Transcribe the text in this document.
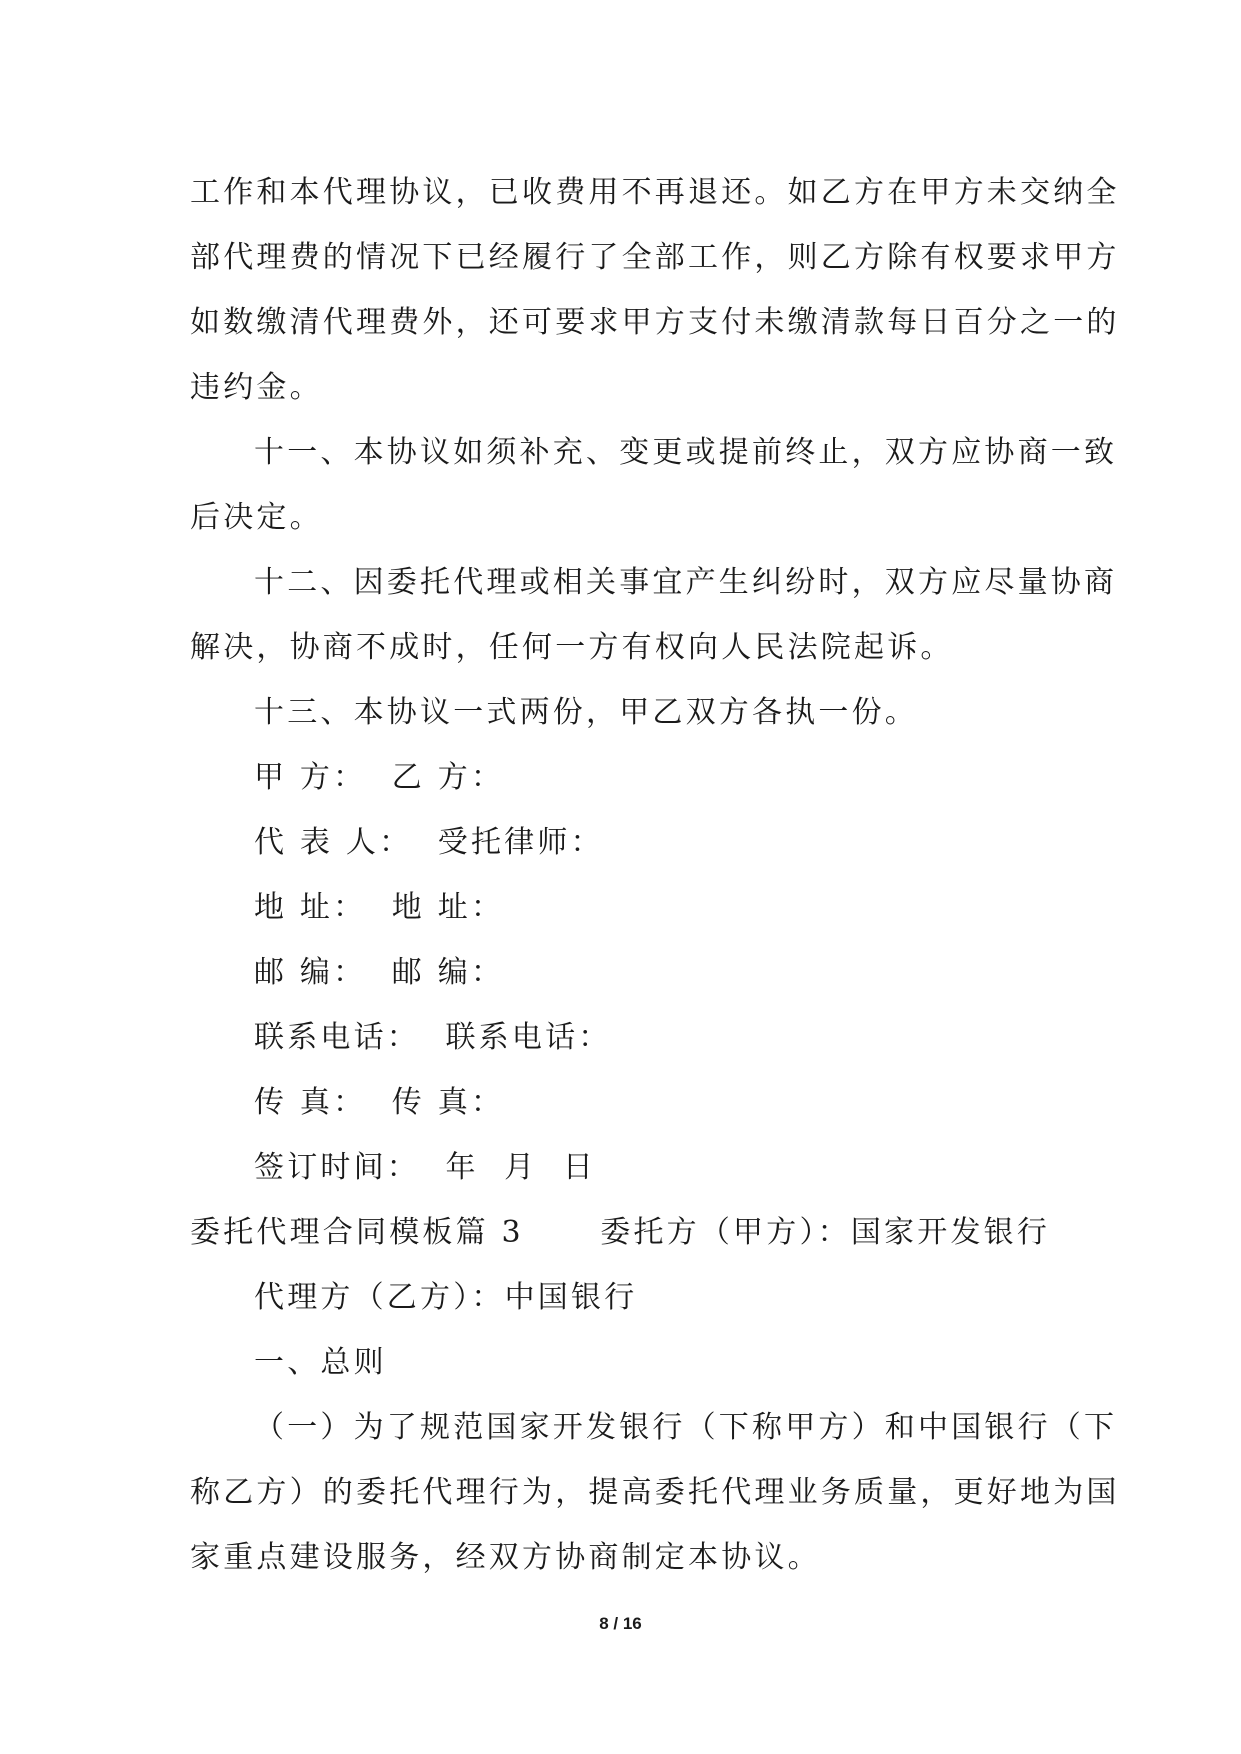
工作和本代理协议，已收费用不再退还。如乙方在甲方未交纳全
部代理费的情况下已经履行了全部工作，则乙方除有权要求甲方
如数缴清代理费外，还可要求甲方支付未缴清款每日百分之一的
违约金。
十一、本协议如须补充、变更或提前终止，双方应协商一致
后决定。
十二、因委托代理或相关事宜产生纠纷时，双方应尽量协商
解决，协商不成时，任何一方有权向人民法院起诉。
十三、本协议一式两份，甲乙双方各执一份。
甲 方：  乙 方：
代 表 人：  受托律师：
地 址：  地 址：
邮 编：  邮 编：
联系电话：  联系电话：
传 真：  传 真：
签订时间：  年  月  日
委托代理合同模板篇 3      委托方（甲方）：国家开发银行
代理方（乙方）：中国银行
一、总则
（一）为了规范国家开发银行（下称甲方）和中国银行（下
称乙方）的委托代理行为，提高委托代理业务质量，更好地为国
家重点建设服务，经双方协商制定本协议。
8 / 16
